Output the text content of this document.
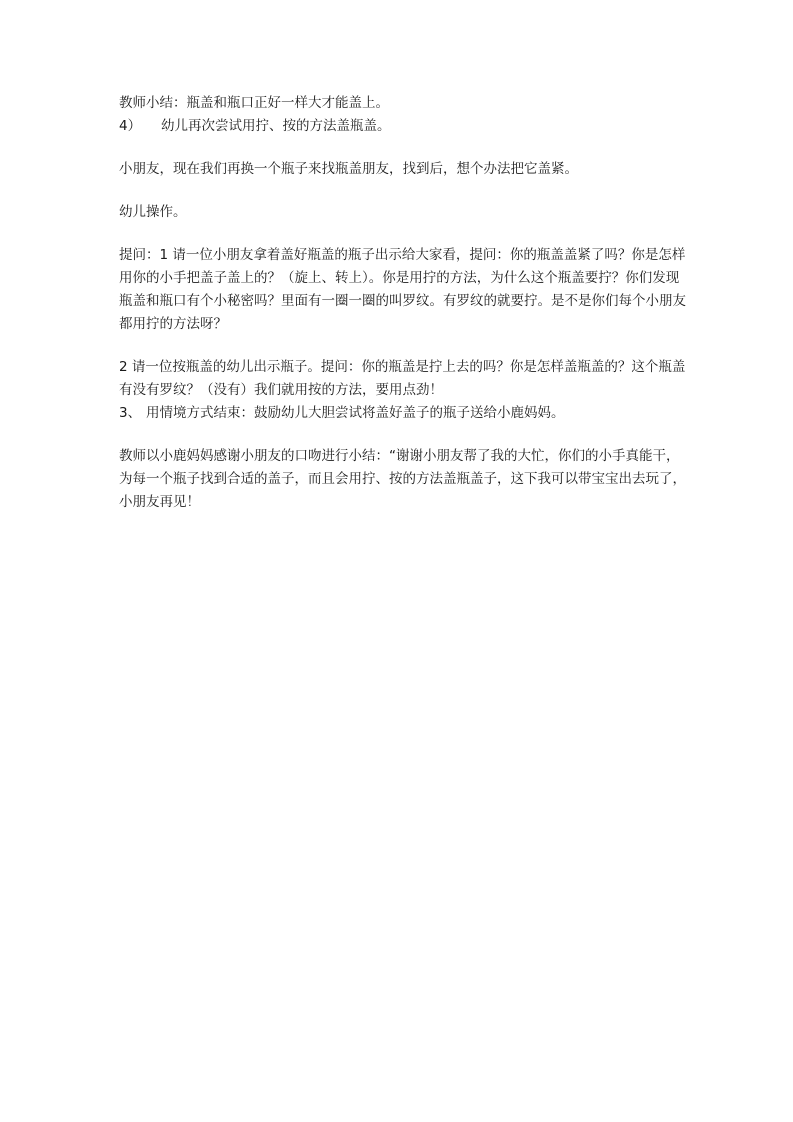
教师小结：瓶盖和瓶口正好一样大才能盖上。

4）	幼儿再次尝试用拧、按的方法盖瓶盖。

小朋友，现在我们再换一个瓶子来找瓶盖朋友，找到后，想个办法把它盖紧。

幼儿操作。

提问：1 请一位小朋友拿着盖好瓶盖的瓶子出示给大家看，提问：你的瓶盖盖紧了吗？你是怎样用你的小手把盖子盖上的？（旋上、转上）。你是用拧的方法，为什么这个瓶盖要拧？你们发现瓶盖和瓶口有个小秘密吗？里面有一圈一圈的叫罗纹。有罗纹的就要拧。是不是你们每个小朋友都用拧的方法呀？

2 请一位按瓶盖的幼儿出示瓶子。提问：你的瓶盖是拧上去的吗？你是怎样盖瓶盖的？这个瓶盖有没有罗纹？（没有）我们就用按的方法，要用点劲！

3、 用情境方式结束：鼓励幼儿大胆尝试将盖好盖子的瓶子送给小鹿妈妈。

教师以小鹿妈妈感谢小朋友的口吻进行小结：“谢谢小朋友帮了我的大忙，你们的小手真能干，为每一个瓶子找到合适的盖子，而且会用拧、按的方法盖瓶盖子，这下我可以带宝宝出去玩了，小朋友再见！
